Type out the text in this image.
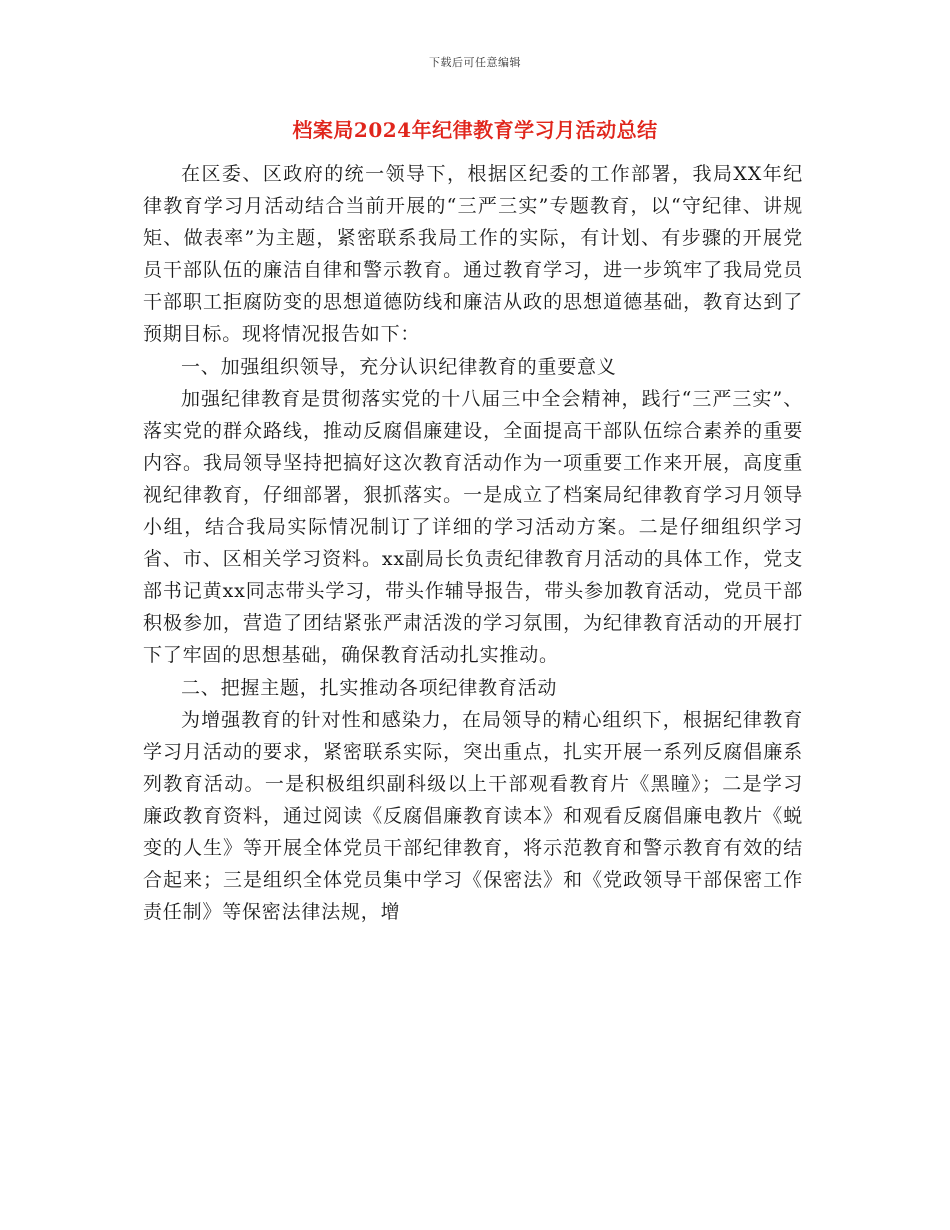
下载后可任意编辑
档案局2024年纪律教育学习月活动总结

在区委、区政府的统一领导下，根据区纪委的工作部署，我局XX年纪律教育学习月活动结合当前开展的“三严三实”专题教育，以“守纪律、讲规矩、做表率”为主题，紧密联系我局工作的实际，有计划、有步骤的开展党员干部队伍的廉洁自律和警示教育。通过教育学习，进一步筑牢了我局党员干部职工拒腐防变的思想道德防线和廉洁从政的思想道德基础，教育达到了预期目标。现将情况报告如下：

一、加强组织领导，充分认识纪律教育的重要意义

加强纪律教育是贯彻落实党的十八届三中全会精神，践行“三严三实”、落实党的群众路线，推动反腐倡廉建设，全面提高干部队伍综合素养的重要内容。我局领导坚持把搞好这次教育活动作为一项重要工作来开展，高度重视纪律教育，仔细部署，狠抓落实。一是成立了档案局纪律教育学习月领导小组，结合我局实际情况制订了详细的学习活动方案。二是仔细组织学习省、市、区相关学习资料。xx副局长负责纪律教育月活动的具体工作，党支部书记黄xx同志带头学习，带头作辅导报告，带头参加教育活动，党员干部积极参加，营造了团结紧张严肃活泼的学习氛围，为纪律教育活动的开展打下了牢固的思想基础，确保教育活动扎实推动。

二、把握主题，扎实推动各项纪律教育活动

为增强教育的针对性和感染力，在局领导的精心组织下，根据纪律教育学习月活动的要求，紧密联系实际，突出重点，扎实开展一系列反腐倡廉系列教育活动。一是积极组织副科级以上干部观看教育片《黑瞳》；二是学习廉政教育资料，通过阅读《反腐倡廉教育读本》和观看反腐倡廉电教片《蜕变的人生》等开展全体党员干部纪律教育，将示范教育和警示教育有效的结合起来；三是组织全体党员集中学习《保密法》和《党政领导干部保密工作责任制》等保密法律法规，增
